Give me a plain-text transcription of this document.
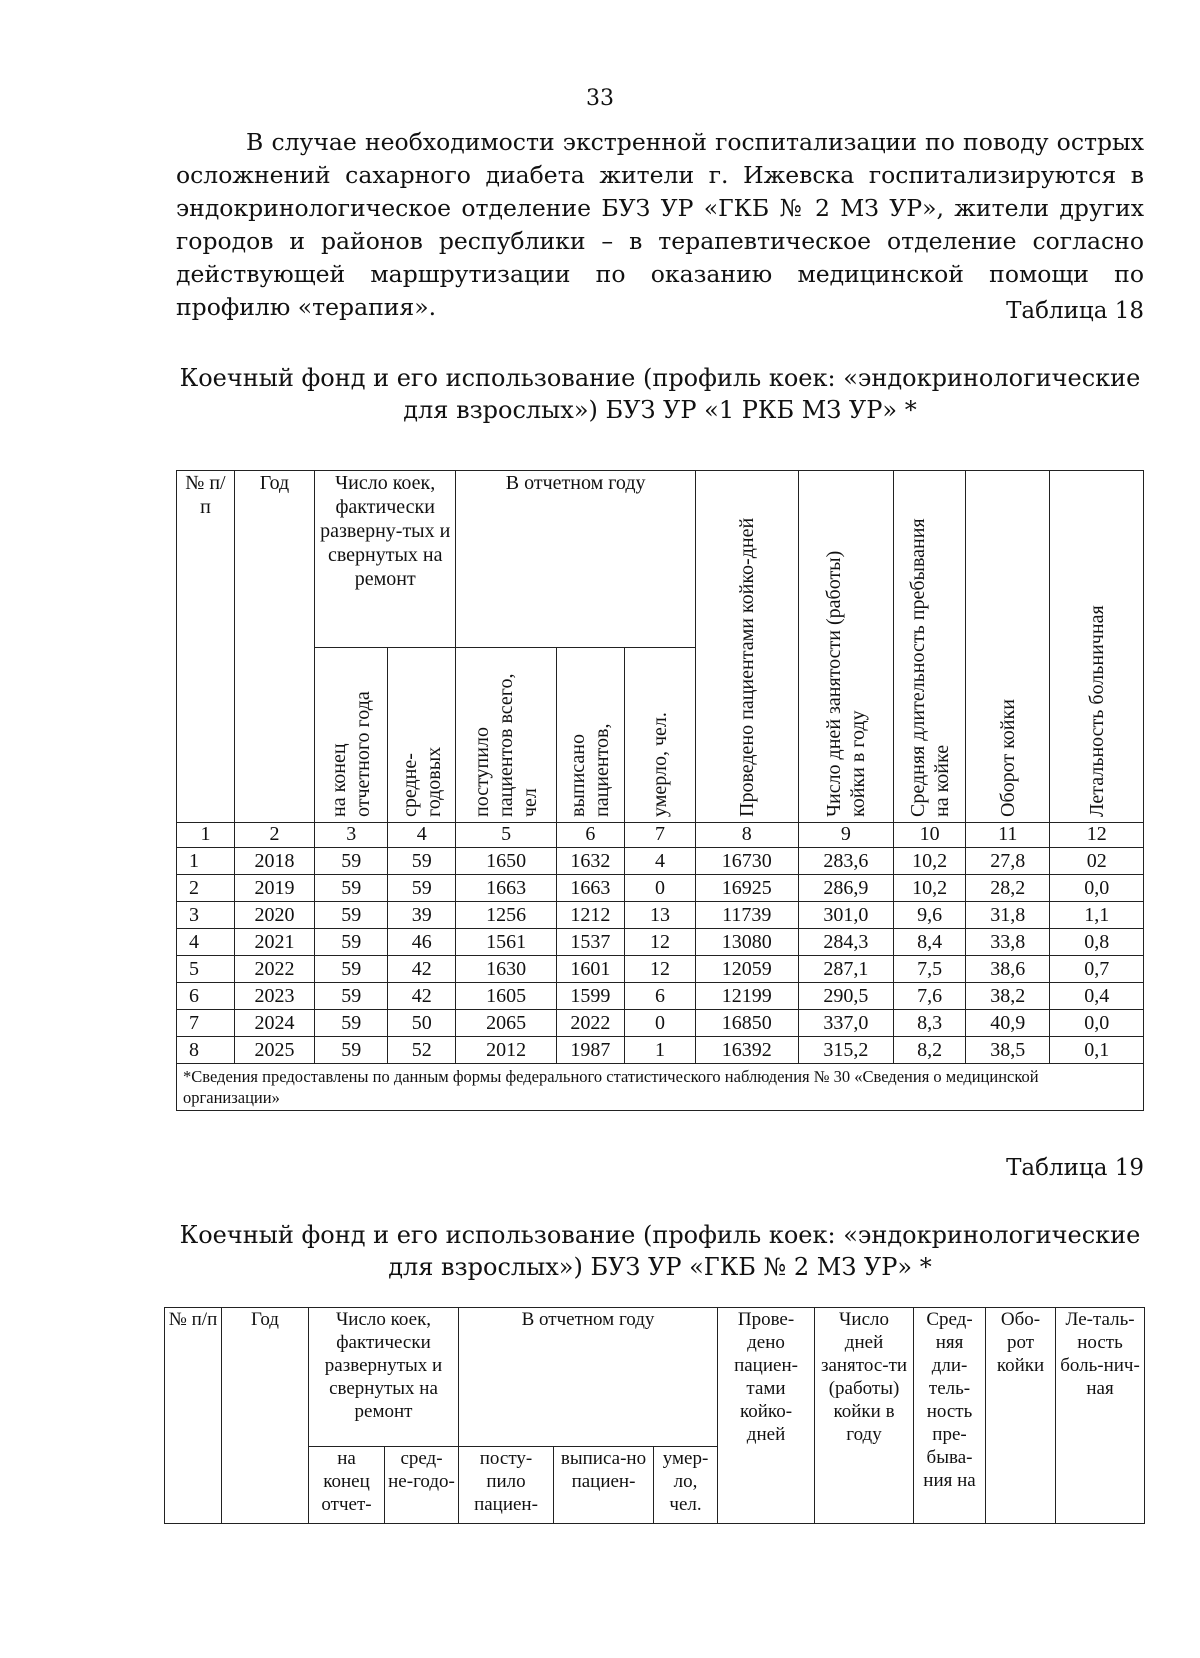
33

В случае необходимости экстренной госпитализации по поводу острых осложнений сахарного диабета жители г. Ижевска госпитализируются в эндокринологическое отделение БУЗ УР «ГКБ № 2 МЗ УР», жители других городов и районов республики – в терапевтическое отделение согласно действующей маршрутизации по оказанию медицинской помощи по профилю «терапия».	Таблица 18

Коечный фонд и его использование (профиль коек: «эндокринологические для взрослых») БУЗ УР «1 РКБ МЗ УР» *

№ п/п	Год	Число коек, фактически разверну-тых и свернутых на ремонт		В отчетном году			Проведено пациентами койко-дней	Число дней занятости (работы) койки в году	Средняя длительность пребывания на койке	Оборот койки	Летальность больничная

		на конец отчетного года	средне-годовых	поступило пациентов всего, чел	выписано пациентов,	умерло, чел.					

1	2	3	4	5	6	7	8	9	10	11	12
1	2018	59	59	1650	1632	4	16730	283,6	10,2	27,8	02
2	2019	59	59	1663	1663	0	16925	286,9	10,2	28,2	0,0
3	2020	59	39	1256	1212	13	11739	301,0	9,6	31,8	1,1
4	2021	59	46	1561	1537	12	13080	284,3	8,4	33,8	0,8
5	2022	59	42	1630	1601	12	12059	287,1	7,5	38,6	0,7
6	2023	59	42	1605	1599	6	12199	290,5	7,6	38,2	0,4
7	2024	59	50	2065	2022	0	16850	337,0	8,3	40,9	0,0
8	2025	59	52	2012	1987	1	16392	315,2	8,2	38,5	0,1
*Сведения предоставлены по данным формы федерального статистического наблюдения № 30 «Сведения о медицинской организации»											
Таблица 19

Коечный фонд и его использование (профиль коек: «эндокринологические для взрослых») БУЗ УР «ГКБ № 2 МЗ УР» *

№ п/п	Год	Число коек, фактически развернутых и свернутых на ремонт		В отчетном году			Прове-дено пациен-тами койко-дней	Число дней занятос-ти (работы) койки в году	Сред-няя дли-тель-ность пре-быва-ния на	Обо-рот койки	Ле-таль-ность боль-нич-ная
		на конец отчет-	сред-не-годо-	посту-пило пациен-	выписа-но пациен-	умер-ло, чел.					
